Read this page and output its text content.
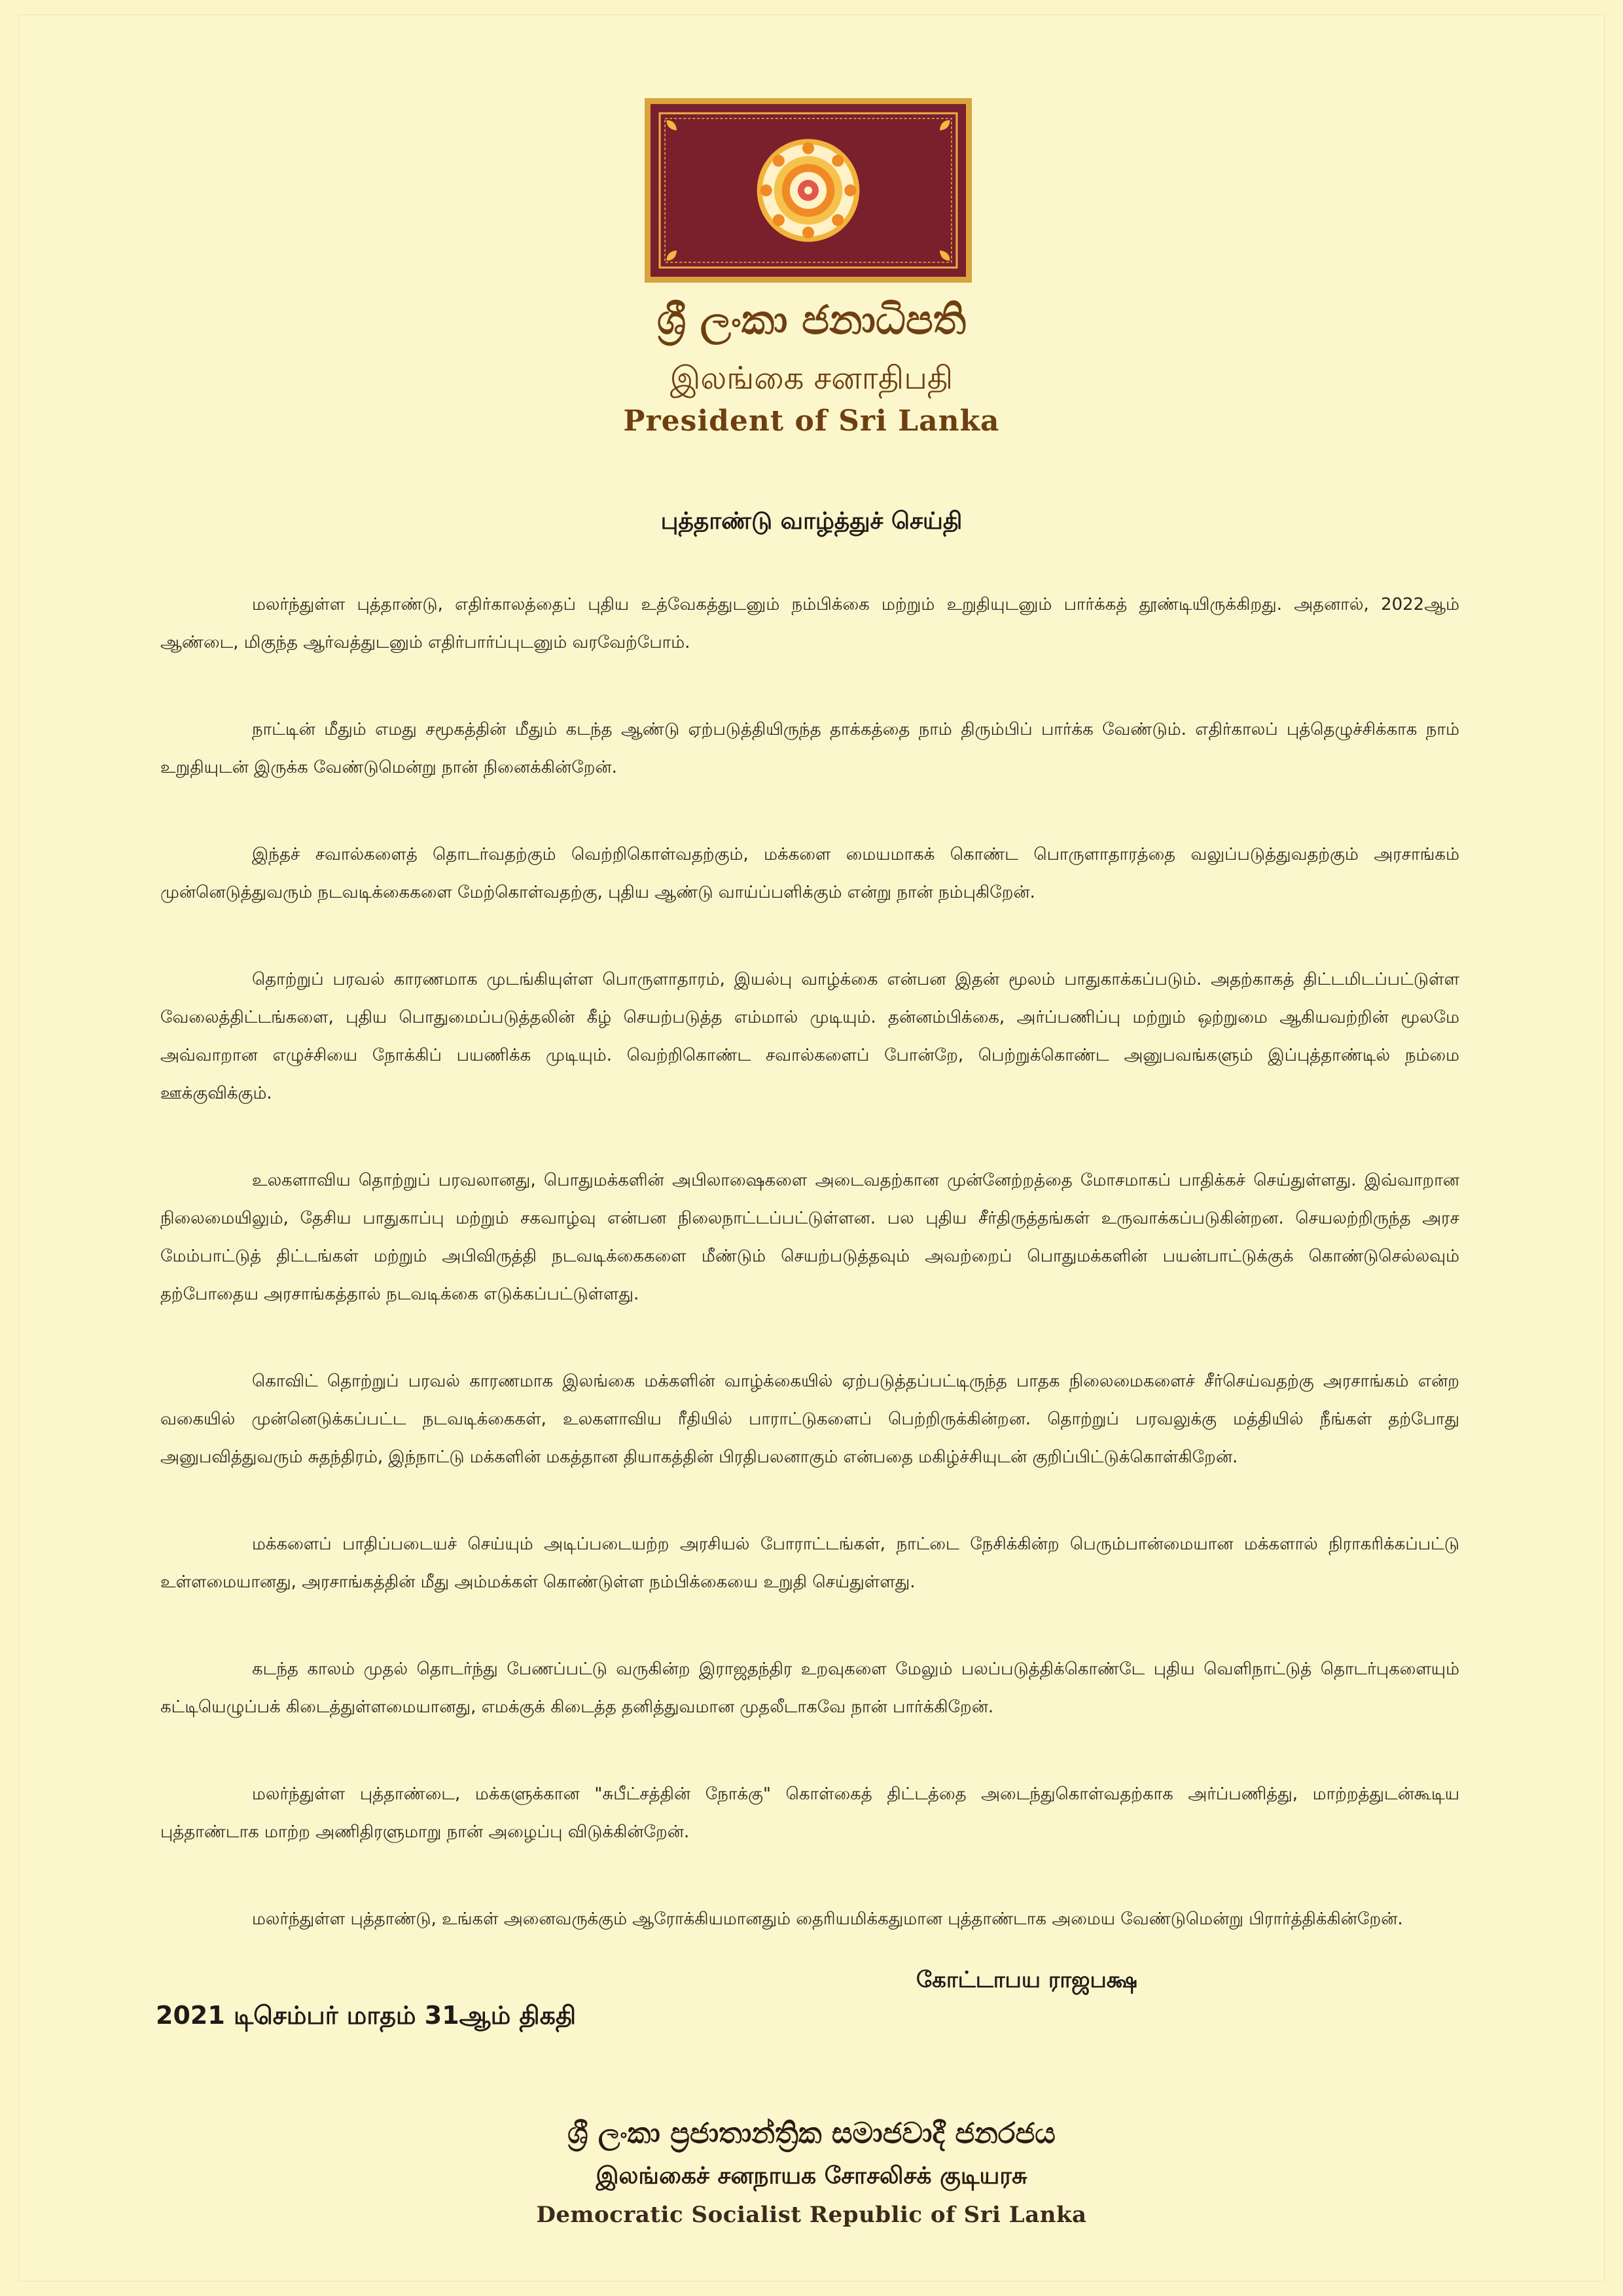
ශ්‍රී ලංකා ජනාධිපති
இலங்கை சனாதிபதி
President of Sri Lanka
புத்தாண்டு வாழ்த்துச் செய்தி

மலர்ந்துள்ள புத்தாண்டு, எதிர்காலத்தைப் புதிய உத்வேகத்துடனும் நம்பிக்கை மற்றும் உறுதியுடனும் பார்க்கத் தூண்டியிருக்கிறது. அதனால், 2022ஆம் ஆண்டை, மிகுந்த ஆர்வத்துடனும் எதிர்பார்ப்புடனும் வரவேற்போம்.

நாட்டின் மீதும் எமது சமூகத்தின் மீதும் கடந்த ஆண்டு ஏற்படுத்தியிருந்த தாக்கத்தை நாம் திரும்பிப் பார்க்க வேண்டும். எதிர்காலப் புத்தெழுச்சிக்காக நாம் உறுதியுடன் இருக்க வேண்டுமென்று நான் நினைக்கின்றேன்.

இந்தச் சவால்களைத் தொடர்வதற்கும் வெற்றிகொள்வதற்கும், மக்களை மையமாகக் கொண்ட பொருளாதாரத்தை வலுப்படுத்துவதற்கும் அரசாங்கம் முன்னெடுத்துவரும் நடவடிக்கைகளை மேற்கொள்வதற்கு, புதிய ஆண்டு வாய்ப்பளிக்கும் என்று நான் நம்புகிறேன்.

தொற்றுப் பரவல் காரணமாக முடங்கியுள்ள பொருளாதாரம், இயல்பு வாழ்க்கை என்பன இதன் மூலம் பாதுகாக்கப்படும். அதற்காகத் திட்டமிடப்பட்டுள்ள வேலைத்திட்டங்களை, புதிய பொதுமைப்படுத்தலின் கீழ் செயற்படுத்த எம்மால் முடியும். தன்னம்பிக்கை, அர்ப்பணிப்பு மற்றும் ஒற்றுமை ஆகியவற்றின் மூலமே அவ்வாறான எழுச்சியை நோக்கிப் பயணிக்க முடியும். வெற்றிகொண்ட சவால்களைப் போன்றே, பெற்றுக்கொண்ட அனுபவங்களும் இப்புத்தாண்டில் நம்மை ஊக்குவிக்கும்.

உலகளாவிய தொற்றுப் பரவலானது, பொதுமக்களின் அபிலாஷைகளை அடைவதற்கான முன்னேற்றத்தை மோசமாகப் பாதிக்கச் செய்துள்ளது. இவ்வாறான நிலைமையிலும், தேசிய பாதுகாப்பு மற்றும் சகவாழ்வு என்பன நிலைநாட்டப்பட்டுள்ளன. பல புதிய சீர்திருத்தங்கள் உருவாக்கப்படுகின்றன. செயலற்றிருந்த அரச மேம்பாட்டுத் திட்டங்கள் மற்றும் அபிவிருத்தி நடவடிக்கைகளை மீண்டும் செயற்படுத்தவும் அவற்றைப் பொதுமக்களின் பயன்பாட்டுக்குக் கொண்டுசெல்லவும் தற்போதைய அரசாங்கத்தால் நடவடிக்கை எடுக்கப்பட்டுள்ளது.

கொவிட் தொற்றுப் பரவல் காரணமாக இலங்கை மக்களின் வாழ்க்கையில் ஏற்படுத்தப்பட்டிருந்த பாதக நிலைமைகளைச் சீர்செய்வதற்கு அரசாங்கம் என்ற வகையில் முன்னெடுக்கப்பட்ட நடவடிக்கைகள், உலகளாவிய ரீதியில் பாராட்டுகளைப் பெற்றிருக்கின்றன. தொற்றுப் பரவலுக்கு மத்தியில் நீங்கள் தற்போது அனுபவித்துவரும் சுதந்திரம், இந்நாட்டு மக்களின் மகத்தான தியாகத்தின் பிரதிபலனாகும் என்பதை மகிழ்ச்சியுடன் குறிப்பிட்டுக்கொள்கிறேன்.

மக்களைப் பாதிப்படையச் செய்யும் அடிப்படையற்ற அரசியல் போராட்டங்கள், நாட்டை நேசிக்கின்ற பெரும்பான்மையான மக்களால் நிராகரிக்கப்பட்டு உள்ளமையானது, அரசாங்கத்தின் மீது அம்மக்கள் கொண்டுள்ள நம்பிக்கையை உறுதி செய்துள்ளது.

கடந்த காலம் முதல் தொடர்ந்து பேணப்பட்டு வருகின்ற இராஜதந்திர உறவுகளை மேலும் பலப்படுத்திக்கொண்டே புதிய வெளிநாட்டுத் தொடர்புகளையும் கட்டியெழுப்பக் கிடைத்துள்ளமையானது, எமக்குக் கிடைத்த தனித்துவமான முதலீடாகவே நான் பார்க்கிறேன்.

மலர்ந்துள்ள புத்தாண்டை, மக்களுக்கான "சுபீட்சத்தின் நோக்கு" கொள்கைத் திட்டத்தை அடைந்துகொள்வதற்காக அர்ப்பணித்து, மாற்றத்துடன்கூடிய புத்தாண்டாக மாற்ற அணிதிரளுமாறு நான் அழைப்பு விடுக்கின்றேன்.

மலர்ந்துள்ள புத்தாண்டு, உங்கள் அனைவருக்கும் ஆரோக்கியமானதும் தைரியமிக்கதுமான புத்தாண்டாக அமைய வேண்டுமென்று பிரார்த்திக்கின்றேன்.

கோட்டாபய ராஜபக்ஷ
2021 டிசெம்பர் மாதம் 31ஆம் திகதி
ශ්‍රී ලංකා ප්‍රජාතාන්ත්‍රික සමාජවාදී ජනරජය
இலங்கைச் சனநாயக சோசலிசக் குடியரசு
Democratic Socialist Republic of Sri Lanka
